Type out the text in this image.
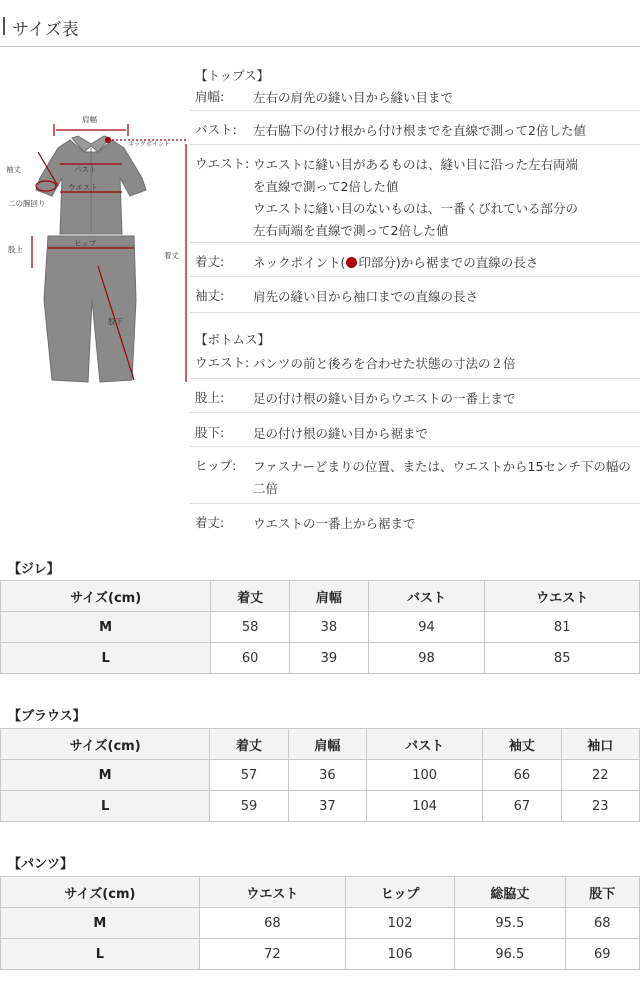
サイズ表
肩幅
ネックポイント
袖丈	バスト
ウエスト
二の腕回り
股上
ヒップ
股下
着丈
【トップス】
肩幅: 左右の肩先の縫い目から縫い目まで
バスト: 左右脇下の付け根から付け根までを直線で測って2倍した値
ウエスト: ウエストに縫い目があるものは、縫い目に沿った左右両端
を直線で測って2倍した値
ウエストに縫い目のないものは、一番くびれている部分の
左右両端を直線で測って2倍した値
着丈: ネックポイント( 印部分)から裾までの直線の長さ
袖丈: 肩先の縫い目から袖口までの直線の長さ
【ボトムス】
ウエスト: パンツの前と後ろを合わせた状態の寸法の２倍
股上: 足の付け根の縫い目からウエストの一番上まで
股下: 足の付け根の縫い目から裾まで
ヒップ: ファスナーどまりの位置、または、ウエストから15センチ下の幅の
二倍
着丈: ウエストの一番上から裾まで
【ジレ】
サイズ(cm)	着丈	肩幅	バスト	ウエスト
M	58	38	94	81
L	60	39	98	85
【ブラウス】
サイズ(cm)	着丈	肩幅	バスト	袖丈	袖口
M	57	36	100	66	22
L	59	37	104	67	23
【パンツ】
サイズ(cm)	ウエスト	ヒップ	総脇丈	股下
M	68	102	95.5	68
L	72	106	96.5	69
